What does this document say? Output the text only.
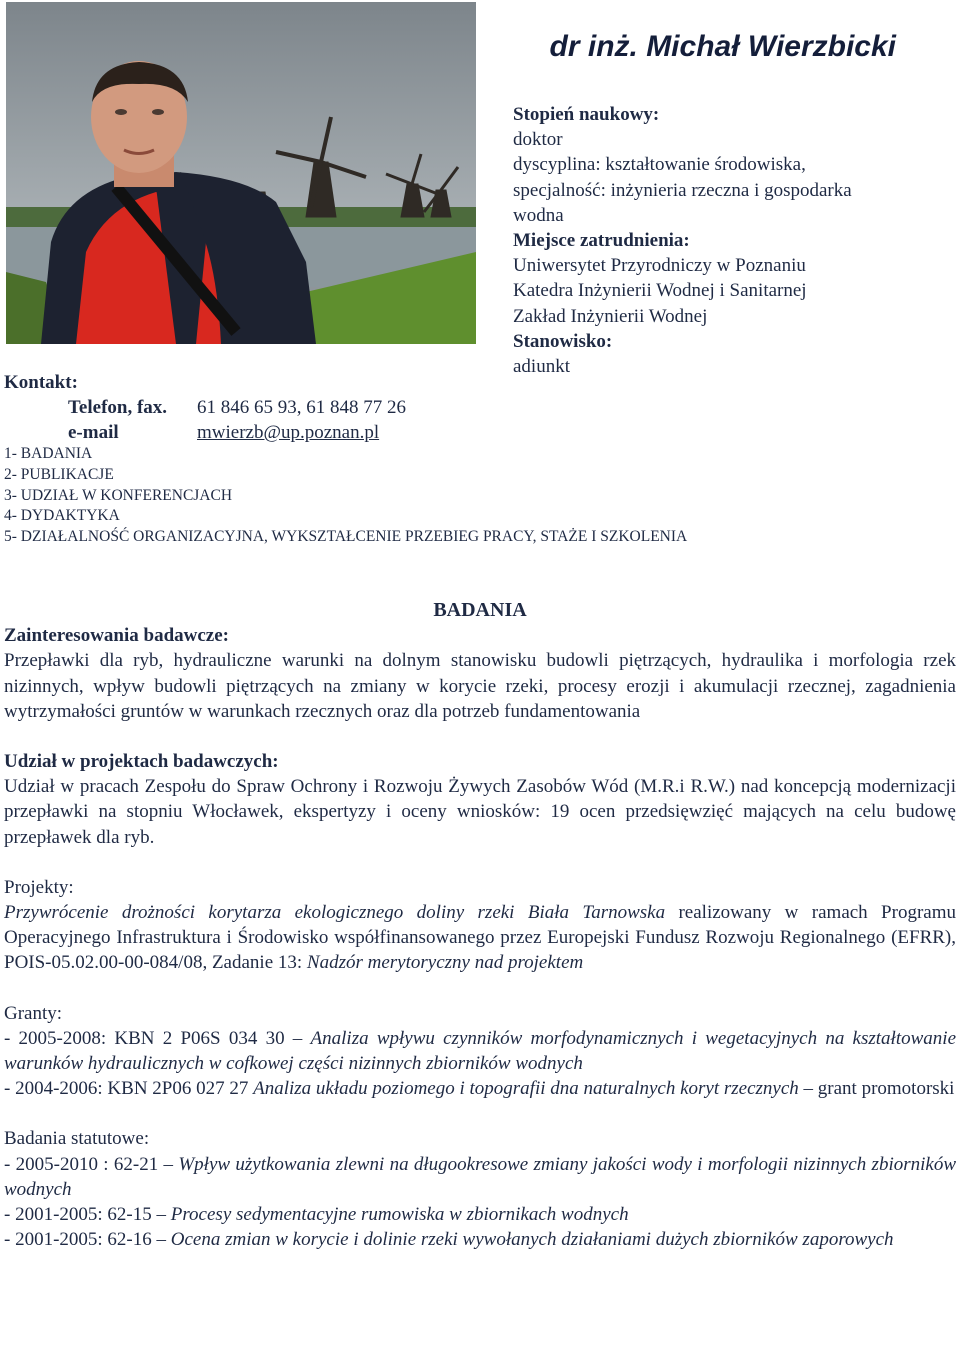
dr inż. Michał Wierzbicki
Stopień naukowy:
doktor
dyscyplina: kształtowanie środowiska,
specjalność: inżynieria rzeczna i gospodarka
wodna
Miejsce zatrudnienia:
Uniwersytet Przyrodniczy w Poznaniu
Katedra Inżynierii Wodnej i Sanitarnej
Zakład Inżynierii Wodnej
Stanowisko:
adiunkt
Kontakt:
Telefon, fax. 61 846 65 93, 61 848 77 26
e-mail	mwierzb@up.poznan.pl
1- BADANIA
2- PUBLIKACJE
3- UDZIAŁ W KONFERENCJACH
4- DYDAKTYKA
5- DZIAŁALNOŚĆ ORGANIZACYJNA, WYKSZTAŁCENIE PRZEBIEG PRACY, STAŻE I SZKOLENIA
BADANIA
Zainteresowania badawcze:
Przepławki dla ryb, hydrauliczne warunki na dolnym stanowisku budowli piętrzących, hydraulika i morfologia rzek nizinnych, wpływ budowli piętrzących na zmiany w korycie rzeki, procesy erozji i akumulacji rzecznej, zagadnienia wytrzymałości gruntów w warunkach rzecznych oraz dla potrzeb fundamentowania
Udział w projektach badawczych:
Udział w pracach Zespołu do Spraw Ochrony i Rozwoju Żywych Zasobów Wód (M.R.i R.W.) nad koncepcją modernizacji przepławki na stopniu Włocławek, ekspertyzy i oceny wniosków: 19 ocen przedsięwzięć mających na celu budowę przepławek dla ryb.
Projekty:
Przywrócenie drożności korytarza ekologicznego doliny rzeki Biała Tarnowska realizowany w ramach Programu Operacyjnego Infrastruktura i Środowisko współfinansowanego przez Europejski Fundusz Rozwoju Regionalnego (EFRR), POIS-05.02.00-00-084/08, Zadanie 13: Nadzór merytoryczny nad projektem
Granty:
- 2005-2008: KBN 2 P06S 034 30 – Analiza wpływu czynników morfodynamicznych i wegetacyjnych na kształtowanie warunków hydraulicznych w cofkowej części nizinnych zbiorników wodnych
- 2004-2006: KBN 2P06 027 27 Analiza układu poziomego i topografii dna naturalnych koryt rzecznych – grant promotorski
Badania statutowe:
- 2005-2010 : 62-21 – Wpływ użytkowania zlewni na długookresowe zmiany jakości wody i morfologii nizinnych zbiorników wodnych
- 2001-2005: 62-15 – Procesy sedymentacyjne rumowiska w zbiornikach wodnych
- 2001-2005: 62-16 – Ocena zmian w korycie i dolinie rzeki wywołanych działaniami dużych zbiorników zaporowych
